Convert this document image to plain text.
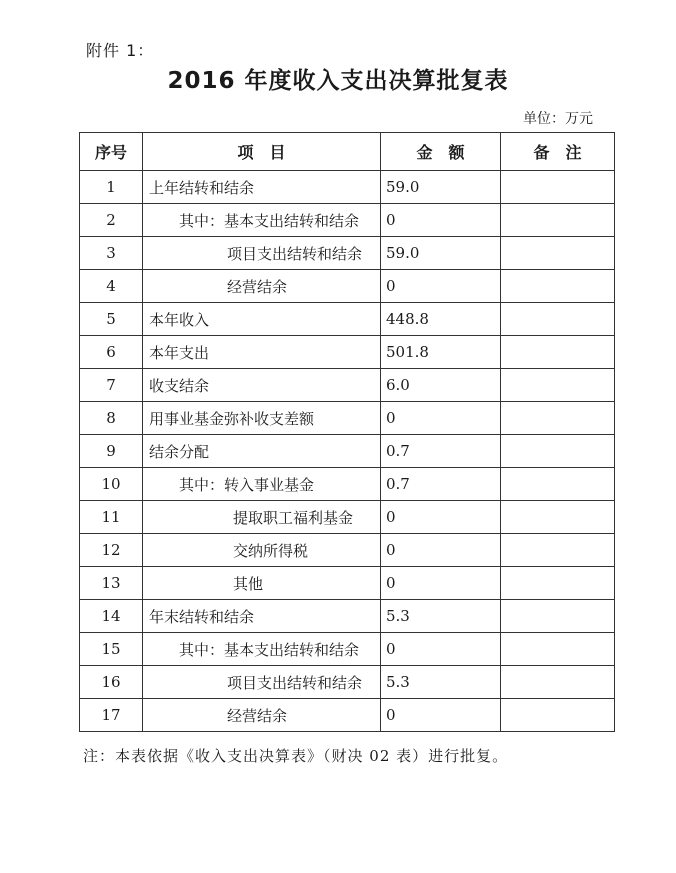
附件 1：
2016 年度收入支出决算批复表
单位：万元
序号	项　目	金　额	备　注
1	上年结转和结余	59.0	
2	其中：基本支出结转和结余	0	
3	项目支出结转和结余	59.0	
4	经营结余	0	
5	本年收入	448.8	
6	本年支出	501.8	
7	收支结余	6.0	
8	用事业基金弥补收支差额	0	
9	结余分配	0.7	
10	其中：转入事业基金	0.7	
11	提取职工福利基金	0	
12	交纳所得税	0	
13	其他	0	
14	年末结转和结余	5.3	
15	其中：基本支出结转和结余	0	
16	项目支出结转和结余	5.3	
17	经营结余	0	
注：本表依据《收入支出决算表》（财决 02 表）进行批复。
